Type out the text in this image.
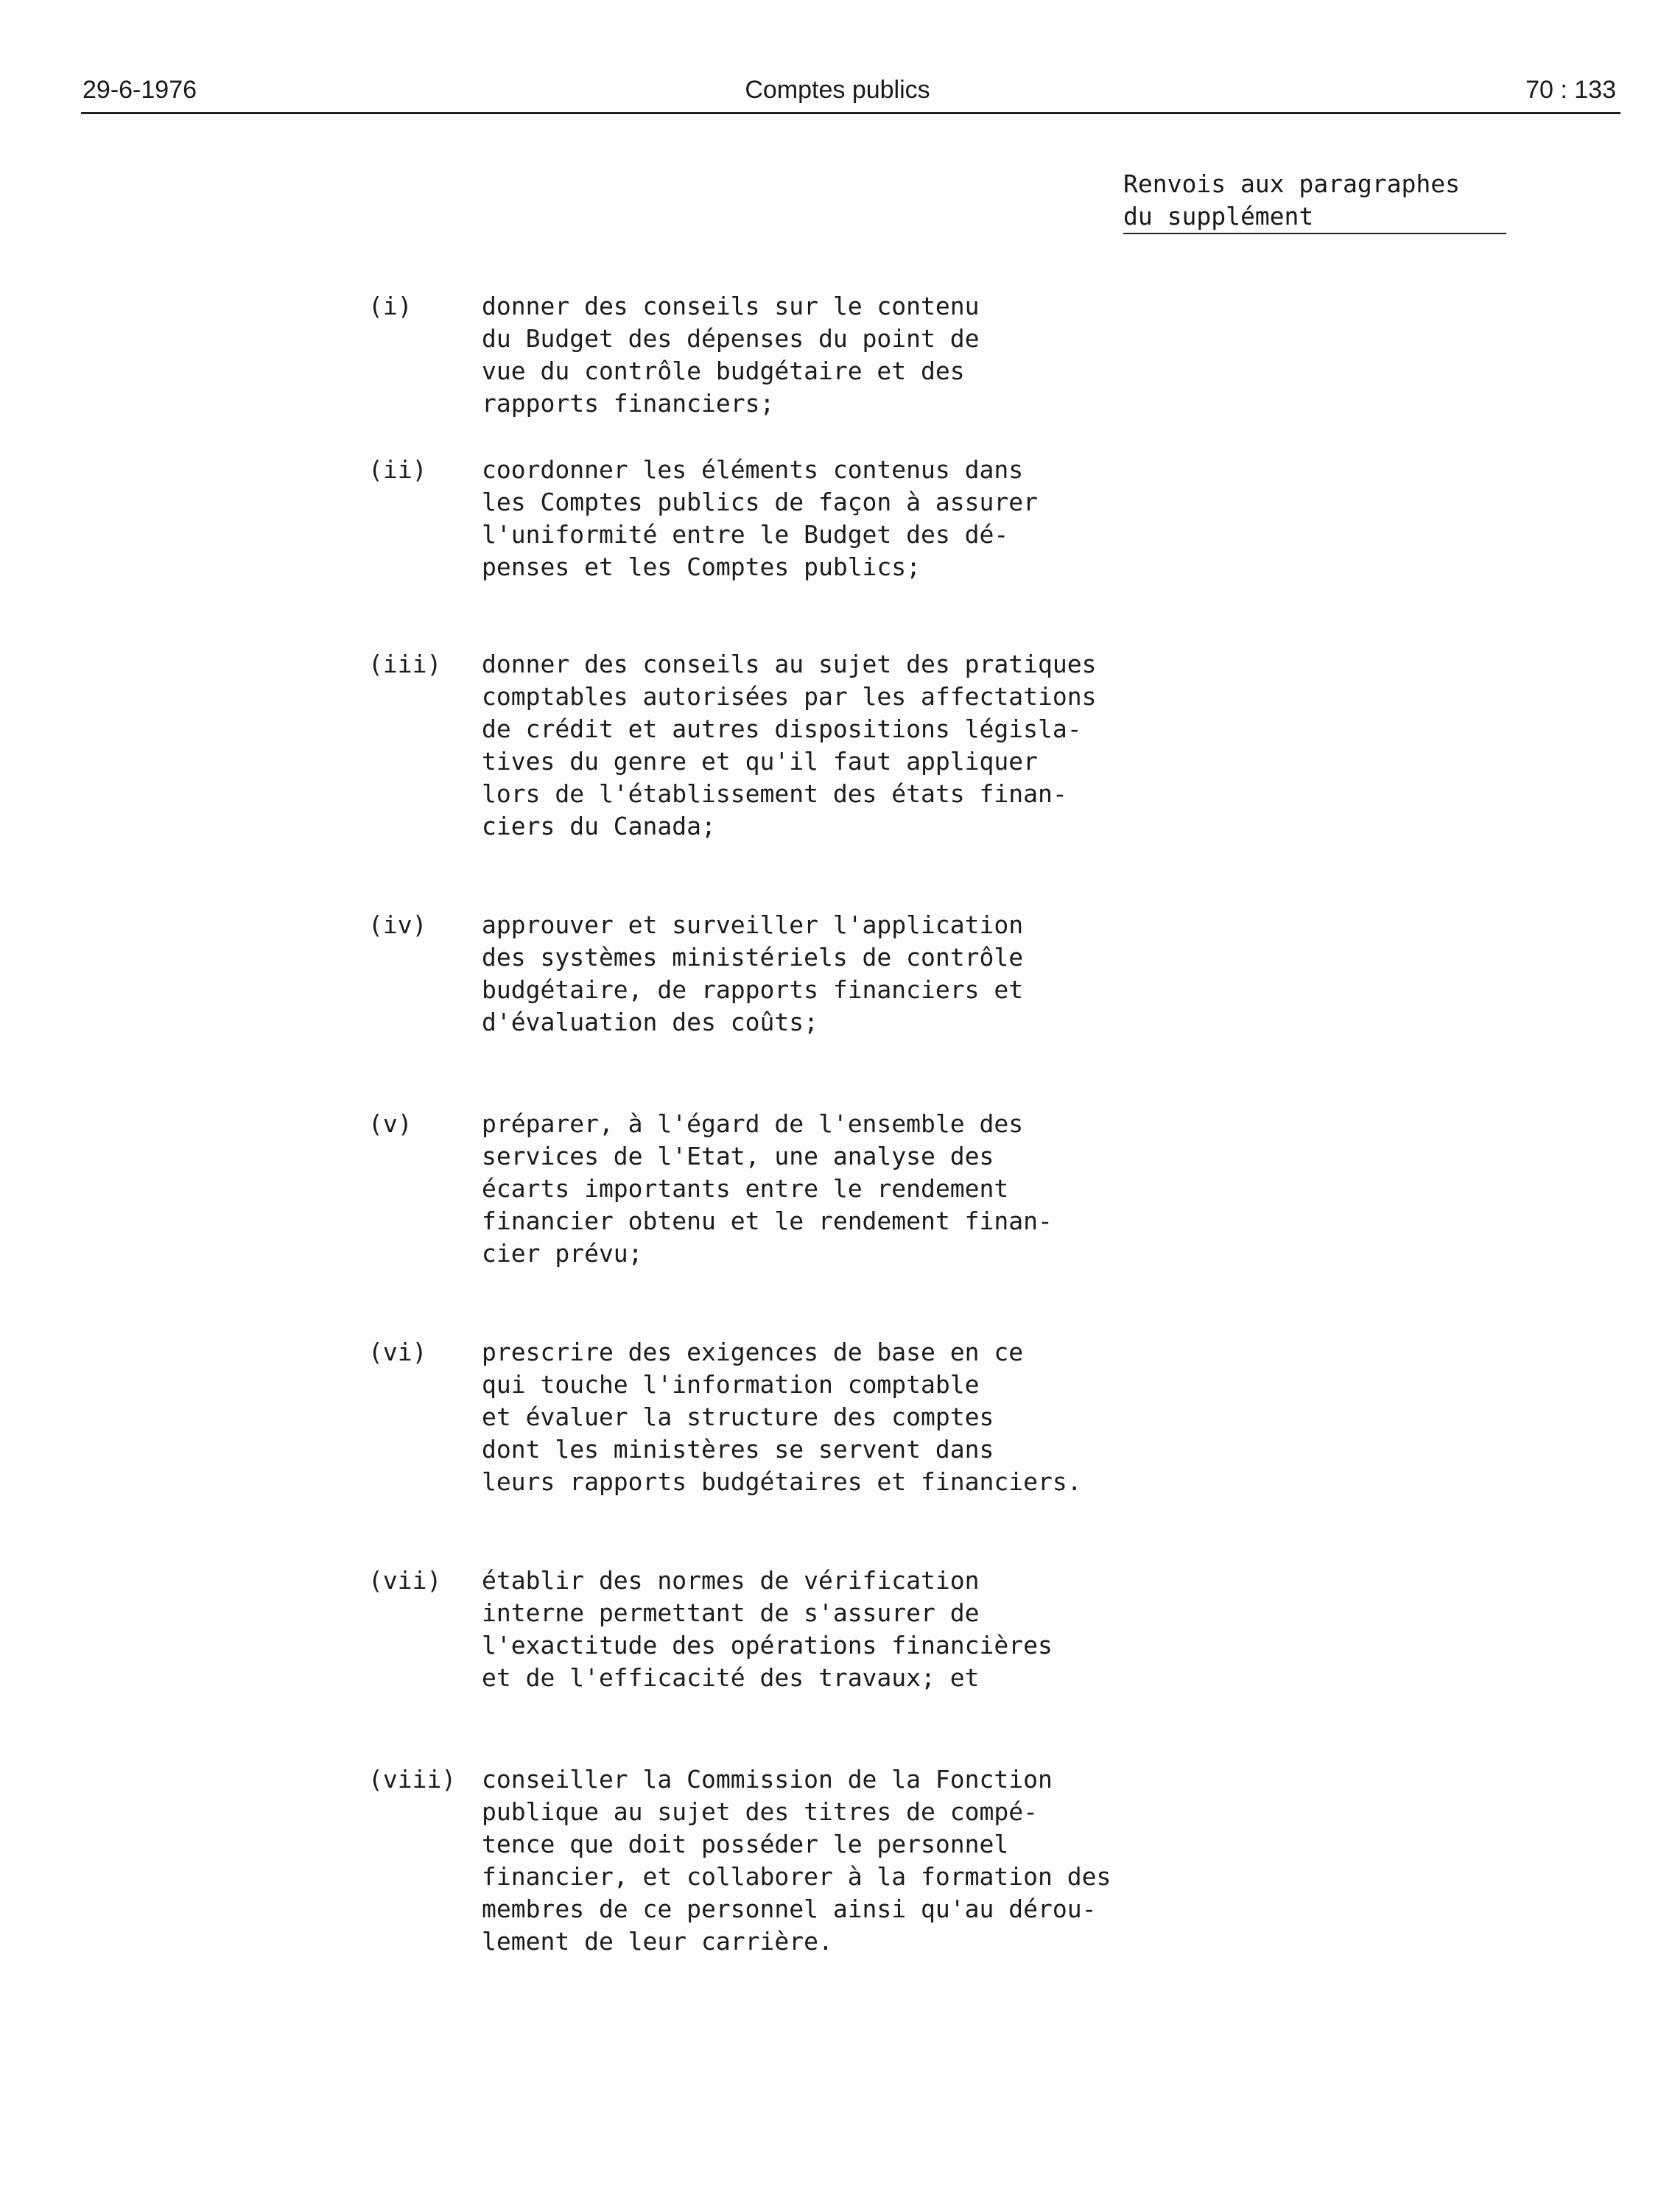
29-6-1976	Comptes publics	70 : 133
Renvois aux paragraphes
du supplément
(i)	donner des conseils sur le contenu
du Budget des dépenses du point de
vue du contrôle budgétaire et des
rapports financiers;
(ii)	coordonner les éléments contenus dans
les Comptes publics de façon à assurer
l'uniformité entre le Budget des dé-
penses et les Comptes publics;
(iii)	donner des conseils au sujet des pratiques
comptables autorisées par les affectations
de crédit et autres dispositions législa-
tives du genre et qu'il faut appliquer
lors de l'établissement des états finan-
ciers du Canada;
(iv)	approuver et surveiller l'application
des systèmes ministériels de contrôle
budgétaire, de rapports financiers et
d'évaluation des coûts;
(v)	préparer, à l'égard de l'ensemble des
services de l'Etat, une analyse des
écarts importants entre le rendement
financier obtenu et le rendement finan-
cier prévu;
(vi)	prescrire des exigences de base en ce
qui touche l'information comptable
et évaluer la structure des comptes
dont les ministères se servent dans
leurs rapports budgétaires et financiers.
(vii)	établir des normes de vérification
interne permettant de s'assurer de
l'exactitude des opérations financières
et de l'efficacité des travaux; et
(viii)	conseiller la Commission de la Fonction
publique au sujet des titres de compé-
tence que doit posséder le personnel
financier, et collaborer à la formation des
membres de ce personnel ainsi qu'au dérou-
lement de leur carrière.
